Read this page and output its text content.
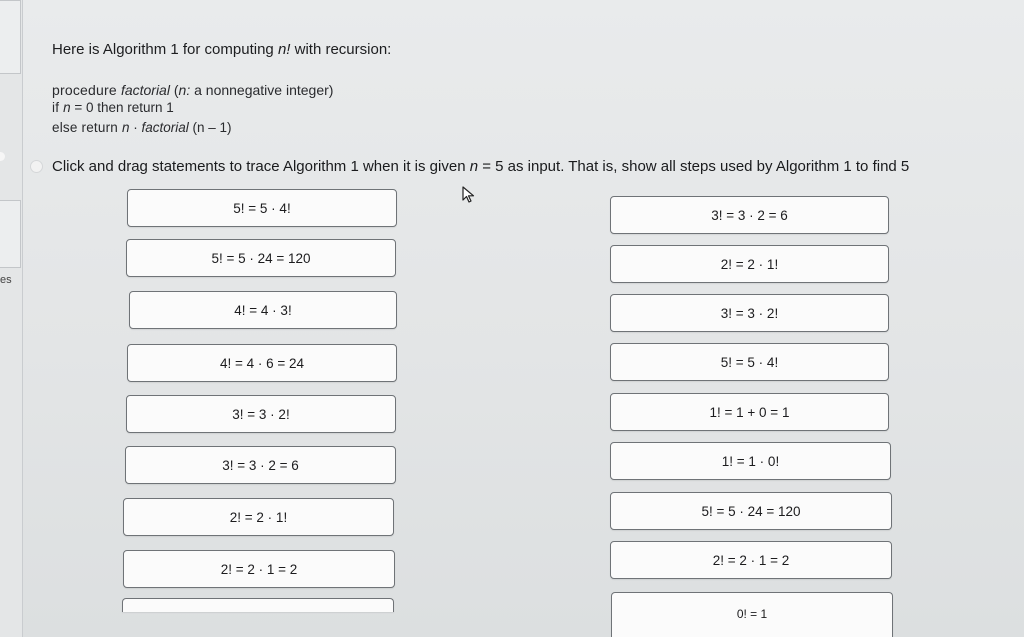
es
Here is Algorithm 1 for computing n! with recursion:
procedure factorial (n: a nonnegative integer)
if n = 0 then return 1
else return n · factorial (n – 1)
Click and drag statements to trace Algorithm 1 when it is given n = 5 as input. That is, show all steps used by Algorithm 1 to find 5
5! = 5 · 4!
5! = 5 · 24 = 120
4! = 4 · 3!
4! = 4 · 6 = 24
3! = 3 · 2!
3! = 3 · 2 = 6
2! = 2 · 1!
2! = 2 · 1 = 2
3! = 3 · 2 = 6
2! = 2 · 1!
3! = 3 · 2!
5! = 5 · 4!
1! = 1 + 0 = 1
1! = 1 · 0!
5! = 5 · 24 = 120
2! = 2 · 1 = 2
0! = 1
